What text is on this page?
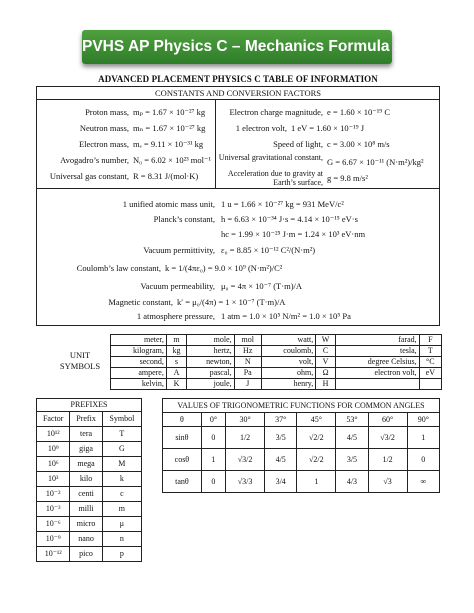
PVHS AP Physics C – Mechanics Formula Sheet
ADVANCED PLACEMENT PHYSICS C TABLE OF INFORMATION
CONSTANTS AND CONVERSION FACTORS
Proton mass, mₚ = 1.67 × 10⁻²⁷ kg
Neutron mass, mₙ = 1.67 × 10⁻²⁷ kg
Electron mass, mₑ = 9.11 × 10⁻³¹ kg
Avogadro’s number, N₀ = 6.02 × 10²³ mol⁻¹
Universal gas constant, R = 8.31 J/(mol·K)
Electron charge magnitude, e = 1.60 × 10⁻¹⁹ C
1 electron volt, 1 eV = 1.60 × 10⁻¹⁹ J
Speed of light, c = 3.00 × 10⁸ m/s
Universal gravitational constant, G = 6.67 × 10⁻¹¹ (N·m²)/kg²
Acceleration due to gravity at Earth’s surface, g = 9.8 m/s²
1 unified atomic mass unit, 1 u = 1.66 × 10⁻²⁷ kg = 931 MeV/c²
Planck’s constant, h = 6.63 × 10⁻³⁴ J·s = 4.14 × 10⁻¹⁵ eV·s
hc = 1.99 × 10⁻²⁵ J·m = 1.24 × 10³ eV·nm
Vacuum permittivity, ε₀ = 8.85 × 10⁻¹² C²/(N·m²)
Coulomb’s law constant, k = 1/(4πε₀) = 9.0 × 10⁹ (N·m²)/C²
Vacuum permeability, μ₀ = 4π × 10⁻⁷ (T·m)/A
Magnetic constant, k′ = μ₀/(4π) = 1 × 10⁻⁷ (T·m)/A
1 atmosphere pressure, 1 atm = 1.0 × 10⁵ N/m² = 1.0 × 10⁵ Pa
UNIT SYMBOLS
meter,	m	mole,	mol	watt,	W	farad,	F
kilogram,	kg	hertz,	Hz	coulomb,	C	tesla,	T
second,	s	newton,	N	volt,	V	degree Celsius,	°C
ampere,	A	pascal,	Pa	ohm,	Ω	electron volt,	eV
kelvin,	K	joule,	J	henry,	H		
PREFIXES		
Factor	Prefix	Symbol
10¹²	tera	T
10⁹	giga	G
10⁶	mega	M
10³	kilo	k
10⁻²	centi	c
10⁻³	milli	m
10⁻⁶	micro	μ
10⁻⁹	nano	n
10⁻¹²	pico	p
VALUES OF TRIGONOMETRIC FUNCTIONS FOR COMMON ANGLES							
θ	0°	30°	37°	45°	53°	60°	90°
sinθ	0	1/2	3/5	√2/2	4/5	√3/2	1
cosθ	1	√3/2	4/5	√2/2	3/5	1/2	0
tanθ	0	√3/3	3/4	1	4/3	√3	∞
